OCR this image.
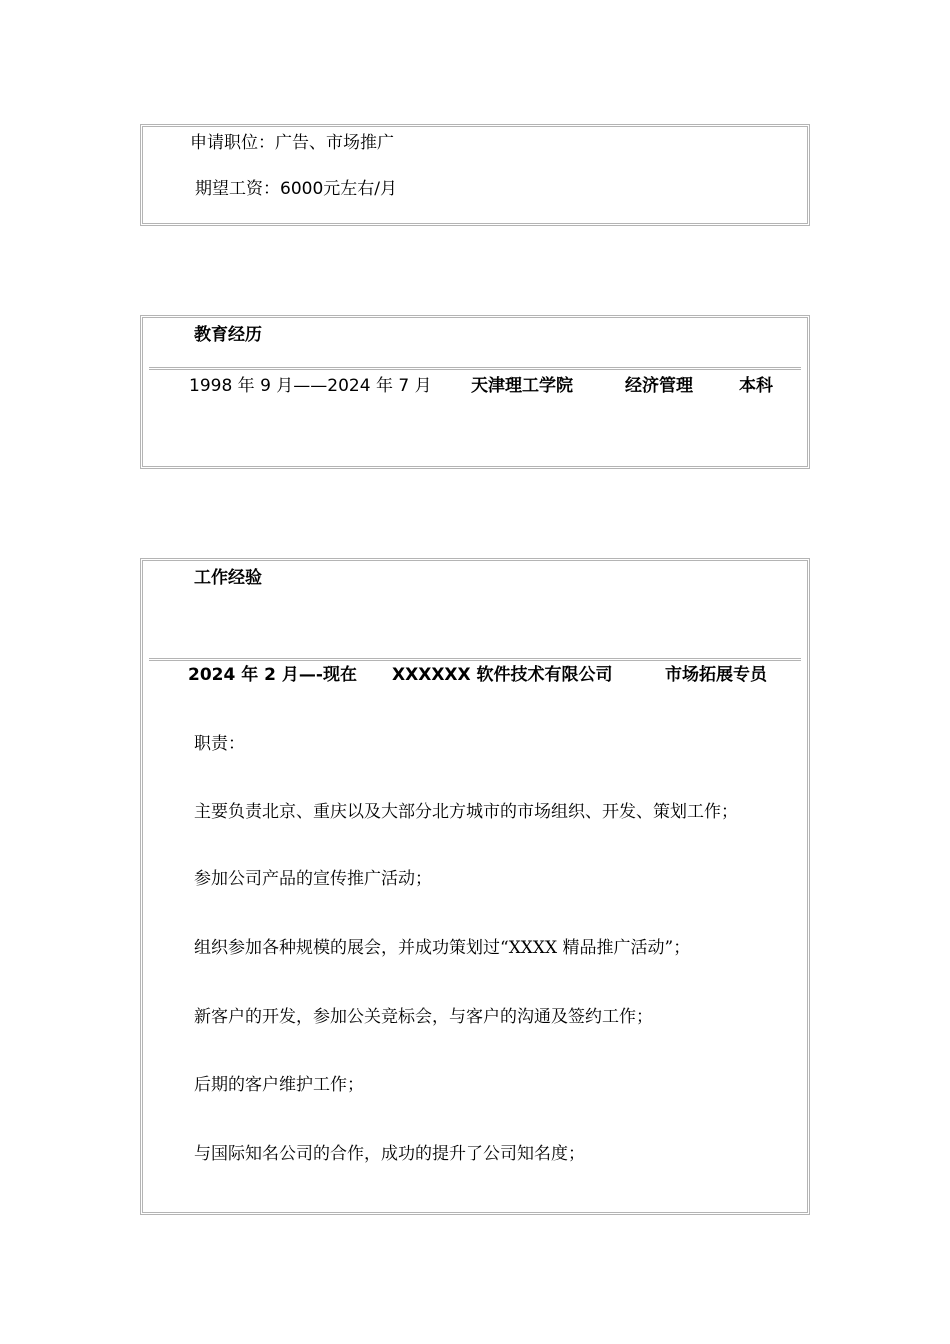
申请职位：广告、市场推广
期望工资：6000元左右/月
教育经历
1998 年 9 月——2024 年 7 月 天津理工学院	经济管理	本科
工作经验
2024 年 2 月—-现在 XXXXXX 软件技术有限公司	市场拓展专员
职责：
主要负责北京、重庆以及大部分北方城市的市场组织、开发、策划工作；
参加公司产品的宣传推广活动；
组织参加各种规模的展会，并成功策划过“XXXX 精品推广活动”；
新客户的开发，参加公关竞标会，与客户的沟通及签约工作；
后期的客户维护工作；
与国际知名公司的合作，成功的提升了公司知名度；
